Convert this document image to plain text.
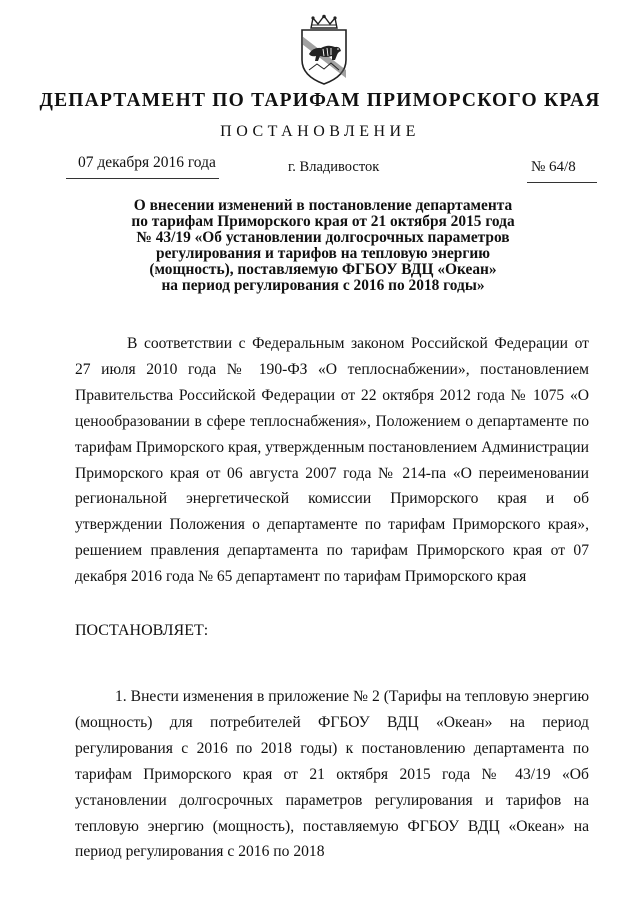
ДЕПАРТАМЕНТ ПО ТАРИФАМ ПРИМОРСКОГО КРАЯ
ПОСТАНОВЛЕНИЕ
07 декабря 2016 года	г. Владивосток	№ 64/8
О внесении изменений в постановление департамента
по тарифам Приморского края от 21 октября 2015 года
№ 43/19 «Об установлении долгосрочных параметров
регулирования и тарифов на тепловую энергию
(мощность), поставляемую ФГБОУ ВДЦ «Океан»
на период регулирования с 2016 по 2018 годы»
В соответствии с Федеральным законом Российской Федерации от 27 июля 2010 года № 190-ФЗ «О теплоснабжении», постановлением Правительства Российской Федерации от 22 октября 2012 года № 1075 «О ценообразовании в сфере теплоснабжения», Положением о департаменте по тарифам Приморского края, утвержденным постановлением Администрации Приморского края от 06 августа 2007 года № 214-па «О переименовании региональной энергетической комиссии Приморского края и об утверждении Положения о департаменте по тарифам Приморского края», решением правления департамента по тарифам Приморского края от 07 декабря 2016 года № 65 департамент по тарифам Приморского края
ПОСТАНОВЛЯЕТ:
1. Внести изменения в приложение № 2 (Тарифы на тепловую энергию (мощность) для потребителей ФГБОУ ВДЦ «Океан» на период регулирования с 2016 по 2018 годы) к постановлению департамента по тарифам Приморского края от 21 октября 2015 года № 43/19 «Об установлении долгосрочных параметров регулирования и тарифов на тепловую энергию (мощность), поставляемую ФГБОУ ВДЦ «Океан» на период регулирования с 2016 по 2018
